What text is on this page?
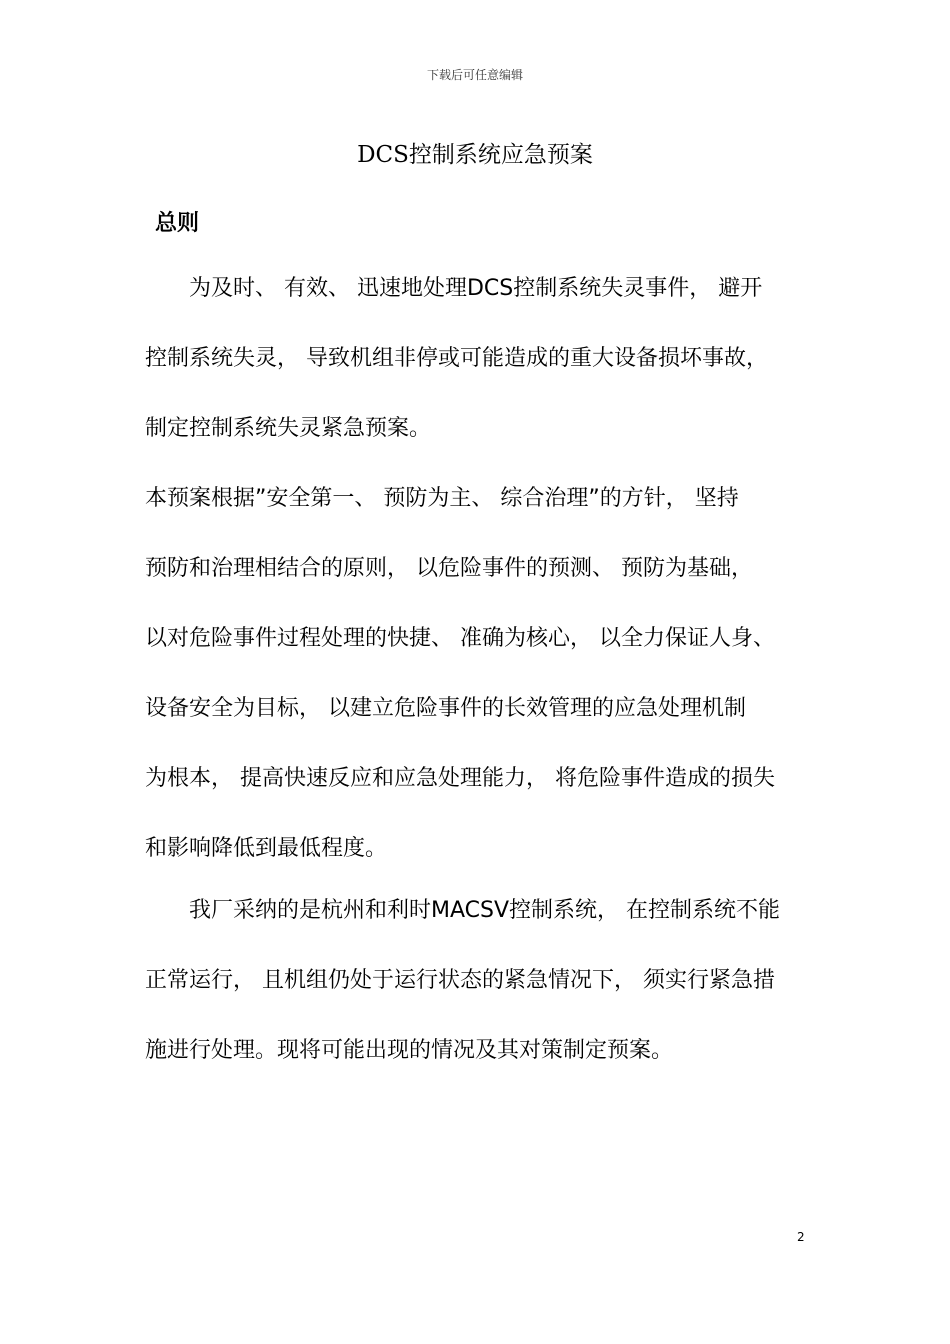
下载后可任意编辑
DCS控制系统应急预案
总则
　　为及时、 有效、 迅速地处理DCS控制系统失灵事件， 避开
控制系统失灵， 导致机组非停或可能造成的重大设备损坏事故，
制定控制系统失灵紧急预案。
本预案根据”安全第一、 预防为主、 综合治理”的方针， 坚持
预防和治理相结合的原则， 以危险事件的预测、 预防为基础，
以对危险事件过程处理的快捷、 准确为核心， 以全力保证人身、
设备安全为目标， 以建立危险事件的长效管理的应急处理机制
为根本， 提高快速反应和应急处理能力， 将危险事件造成的损失
和影响降低到最低程度。
　　我厂采纳的是杭州和利时MACSV控制系统， 在控制系统不能
正常运行， 且机组仍处于运行状态的紧急情况下， 须实行紧急措
施进行处理。现将可能出现的情况及其对策制定预案。
2
